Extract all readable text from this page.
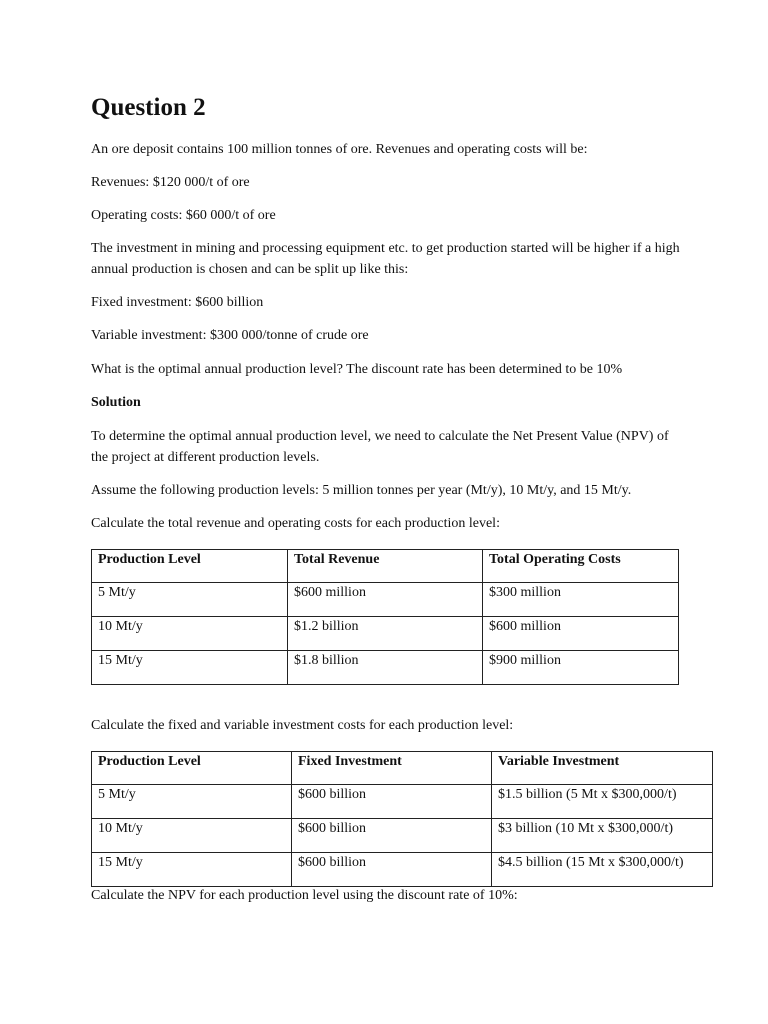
Question 2

An ore deposit contains 100 million tonnes of ore. Revenues and operating costs will be:

Revenues: $120 000/t of ore

Operating costs: $60 000/t of ore

The investment in mining and processing equipment etc. to get production started will be higher if a high annual production is chosen and can be split up like this:

Fixed investment: $600 billion

Variable investment: $300 000/tonne of crude ore

What is the optimal annual production level? The discount rate has been determined to be 10%

Solution

To determine the optimal annual production level, we need to calculate the Net Present Value (NPV) of the project at different production levels.

Assume the following production levels: 5 million tonnes per year (Mt/y), 10 Mt/y, and 15 Mt/y.

Calculate the total revenue and operating costs for each production level:

Production Level	Total Revenue	Total Operating Costs
5 Mt/y	$600 million	$300 million
10 Mt/y	$1.2 billion	$600 million
15 Mt/y	$1.8 billion	$900 million

Calculate the fixed and variable investment costs for each production level:

Production Level	Fixed Investment	Variable Investment
5 Mt/y	$600 billion	$1.5 billion (5 Mt x $300,000/t)
10 Mt/y	$600 billion	$3 billion (10 Mt x $300,000/t)
15 Mt/y	$600 billion	$4.5 billion (15 Mt x $300,000/t)

Calculate the NPV for each production level using the discount rate of 10%:
